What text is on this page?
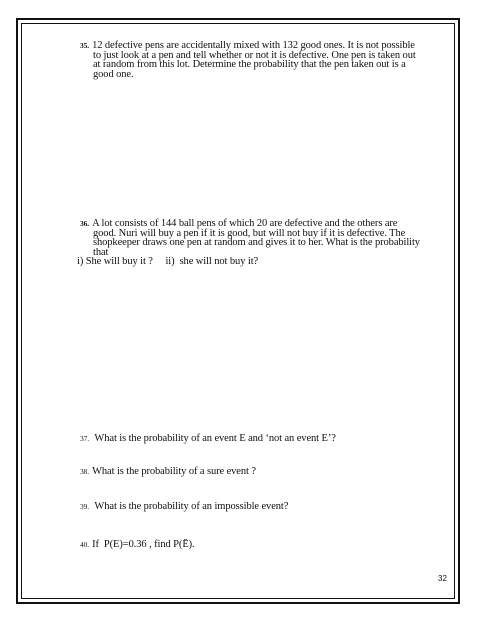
35. 12 defective pens are accidentally mixed with 132 good ones. It is not possible
to just look at a pen and tell whether or not it is defective. One pen is taken out
at random from this lot. Determine the probability that the pen taken out is a
good one.
36. A lot consists of 144 ball pens of which 20 are defective and the others are
good. Nuri will buy a pen if it is good, but will not buy if it is defective. The
shopkeeper draws one pen at random and gives it to her. What is the probability
that
i) She will buy it ?     ii)  she will not buy it?
37. What is the probability of an event E and ‘not an event E’?
38. What is the probability of a sure event ?
39. What is the probability of an impossible event?
40. If  P(E)=0.36 , find P(Ē).
32
